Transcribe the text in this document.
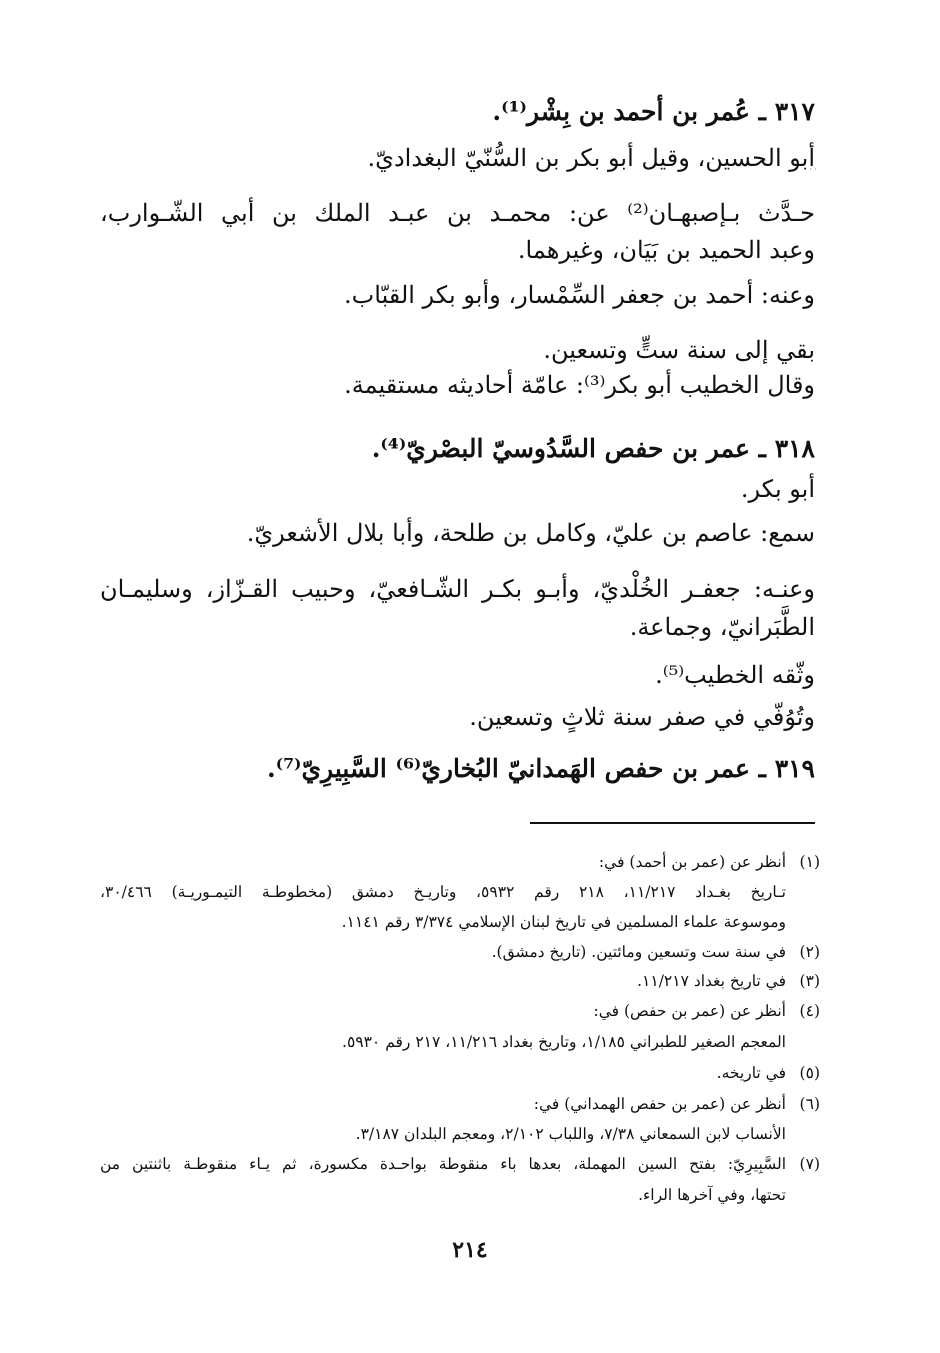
٣١٧ ـ عُمر بن أحمد بن بِشْر⁽¹⁾.
أبو الحسين، وقيل أبو بكر بن السُّنّيّ البغداديّ.
حـدَّث بـإصبهـان⁽²⁾ عن: محمـد بن عبـد الملك بن أبي الشّـوارب،
وعبد الحميد بن بَيَان، وغيرهما.
وعنه: أحمد بن جعفر السِّمْسار، وأبو بكر القبّاب.
بقي إلى سنة ستٍّ وتسعين.
وقال الخطيب أبو بكر⁽³⁾: عامّة أحاديثه مستقيمة.
٣١٨ ـ عمر بن حفص السَّدُوسيّ البصْريّ⁽⁴⁾.
أبو بكر.
سمع: عاصم بن عليّ، وكامل بن طلحة، وأبا بلال الأشعريّ.
وعنـه: جعفـر الخُلْديّ، وأبـو بكـر الشّـافعيّ، وحبيب القـزّاز، وسليمـان
الطَّبَرانيّ، وجماعة.
وثّقه الخطيب⁽⁵⁾.
وتُوُفّي في صفر سنة ثلاثٍ وتسعين.
٣١٩ ـ عمر بن حفص الهَمدانيّ البُخاريّ⁽⁶⁾ السَّبِيرِيّ⁽⁷⁾.
(١)أنظر عن (عمر بن أحمد) في:
تـاريخ بغـداد ١١/٢١٧، ٢١٨ رقم ٥٩٣٢، وتاريـخ دمشق (مخطوطـة التيمـوريـة) ٣٠/٤٦٦،
وموسوعة علماء المسلمين في تاريخ لبنان الإسلامي ٣/٣٧٤ رقم ١١٤١.
(٢)في سنة ست وتسعين ومائتين. (تاريخ دمشق).
(٣)في تاريخ بغداد ١١/٢١٧.
(٤)أنظر عن (عمر بن حفص) في:
المعجم الصغير للطبراني ١/١٨٥، وتاريخ بغداد ١١/٢١٦، ٢١٧ رقم ٥٩٣٠.
(٥)في تاريخه.
(٦)أنظر عن (عمر بن حفص الهمداني) في:
الأنساب لابن السمعاني ٧/٣٨، واللباب ٢/١٠٢، ومعجم البلدان ٣/١٨٧.
(٧)السَّبِيرِيّ: بفتح السين المهملة، بعدها باء منقوطة بواحـدة مكسورة، ثم يـاء منقوطـة باثنتين من
تحتها، وفي آخرها الراء.
٢١٤
˙˙
